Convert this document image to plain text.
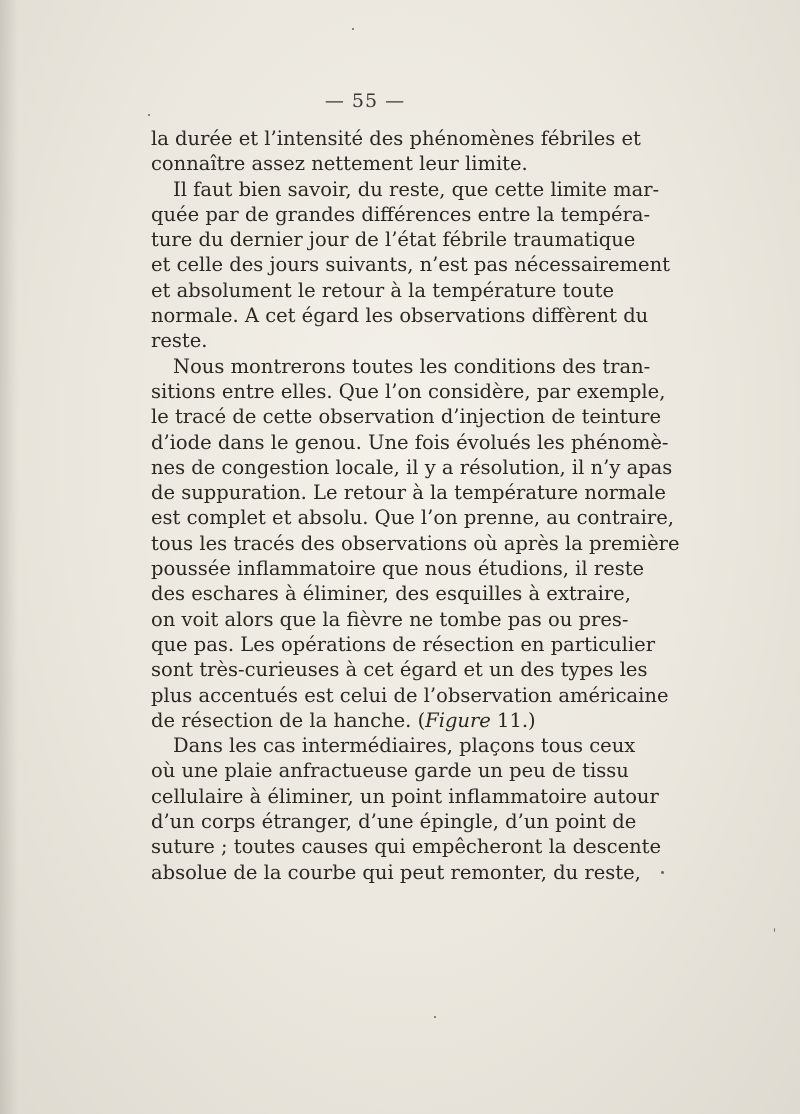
— 55 —
la durée et l’intensité des phénomènes fébriles et
connaître assez nettement leur limite.
Il faut bien savoir, du reste, que cette limite mar-
quée par de grandes différences entre la tempéra-
ture du dernier jour de l’état fébrile traumatique
et celle des jours suivants, n’est pas nécessairement
et absolument le retour à la température toute
normale. A cet égard les observations diffèrent du
reste.
Nous montrerons toutes les conditions des tran-
sitions entre elles. Que l’on considère, par exemple,
le tracé de cette observation d’injection de teinture
d’iode dans le genou. Une fois évolués les phénomè-
nes de congestion locale, il y a résolution, il n’y apas
de suppuration. Le retour à la température normale
est complet et absolu. Que l’on prenne, au contraire,
tous les tracés des observations où après la première
poussée inflammatoire que nous étudions, il reste
des eschares à éliminer, des esquilles à extraire,
on voit alors que la fièvre ne tombe pas ou pres-
que pas. Les opérations de résection en particulier
sont très-curieuses à cet égard et un des types les
plus accentués est celui de l’observation américaine
de résection de la hanche. (Figure 11.)
Dans les cas intermédiaires, plaçons tous ceux
où une plaie anfractueuse garde un peu de tissu
cellulaire à éliminer, un point inflammatoire autour
d’un corps étranger, d’une épingle, d’un point de
suture ; toutes causes qui empêcheront la descente
absolue de la courbe qui peut remonter, du reste,
